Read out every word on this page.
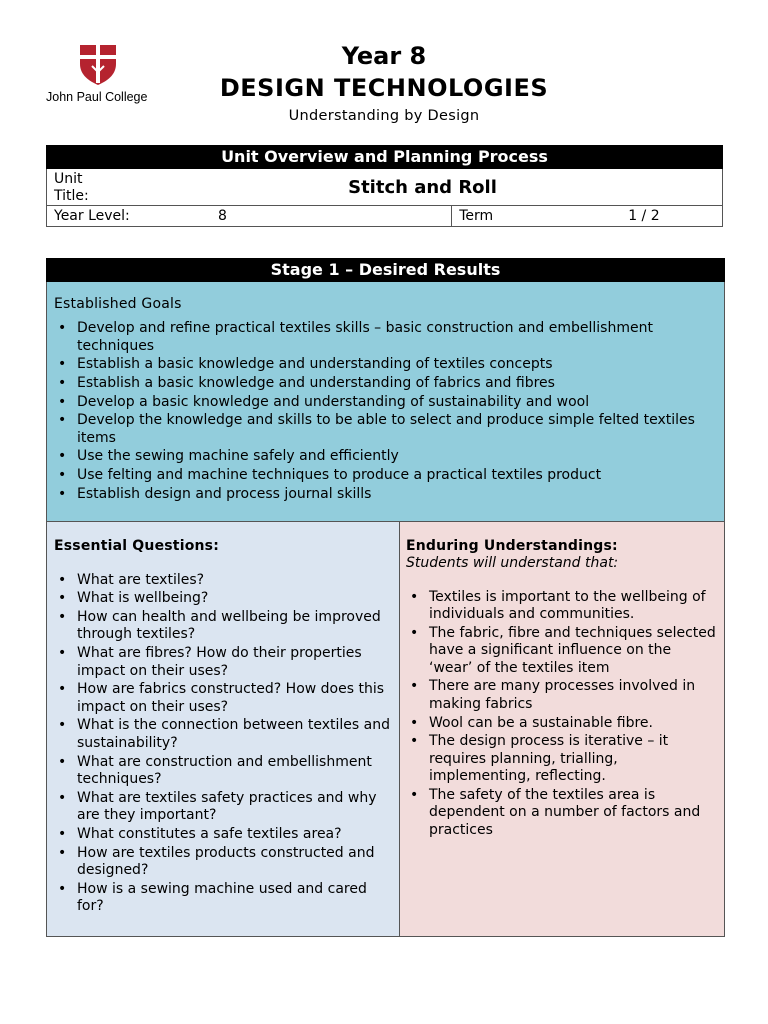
John Paul College
Year 8
DESIGN TECHNOLOGIES
Understanding by Design
Unit Overview and Planning Process		
Unit Title:	Stitch and Roll	
Year Level: 8		Term 1 / 2
Stage 1 – Desired Results

Established Goals
• Develop and refine practical textiles skills – basic construction and embellishment techniques
• Establish a basic knowledge and understanding of textiles concepts
• Establish a basic knowledge and understanding of fabrics and fibres
• Develop a basic knowledge and understanding of sustainability and wool
• Develop the knowledge and skills to be able to select and produce simple felted textiles items
• Use the sewing machine safely and efficiently
• Use felting and machine techniques to produce a practical textiles product
• Establish design and process journal skills

Essential Questions:
• What are textiles?
• What is wellbeing?
• How can health and wellbeing be improved through textiles?
• What are fibres? How do their properties impact on their uses?
• How are fabrics constructed? How does this impact on their uses?
• What is the connection between textiles and sustainability?
• What are construction and embellishment techniques?
• What are textiles safety practices and why are they important?
• What constitutes a safe textiles area?
• How are textiles products constructed and designed?
• How is a sewing machine used and cared for?

Enduring Understandings:
Students will understand that:
• Textiles is important to the wellbeing of individuals and communities.
• The fabric, fibre and techniques selected have a significant influence on the ‘wear’ of the textiles item
• There are many processes involved in making fabrics
• Wool can be a sustainable fibre.
• The design process is iterative – it requires planning, trialling, implementing, reflecting.
• The safety of the textiles area is dependent on a number of factors and practices
